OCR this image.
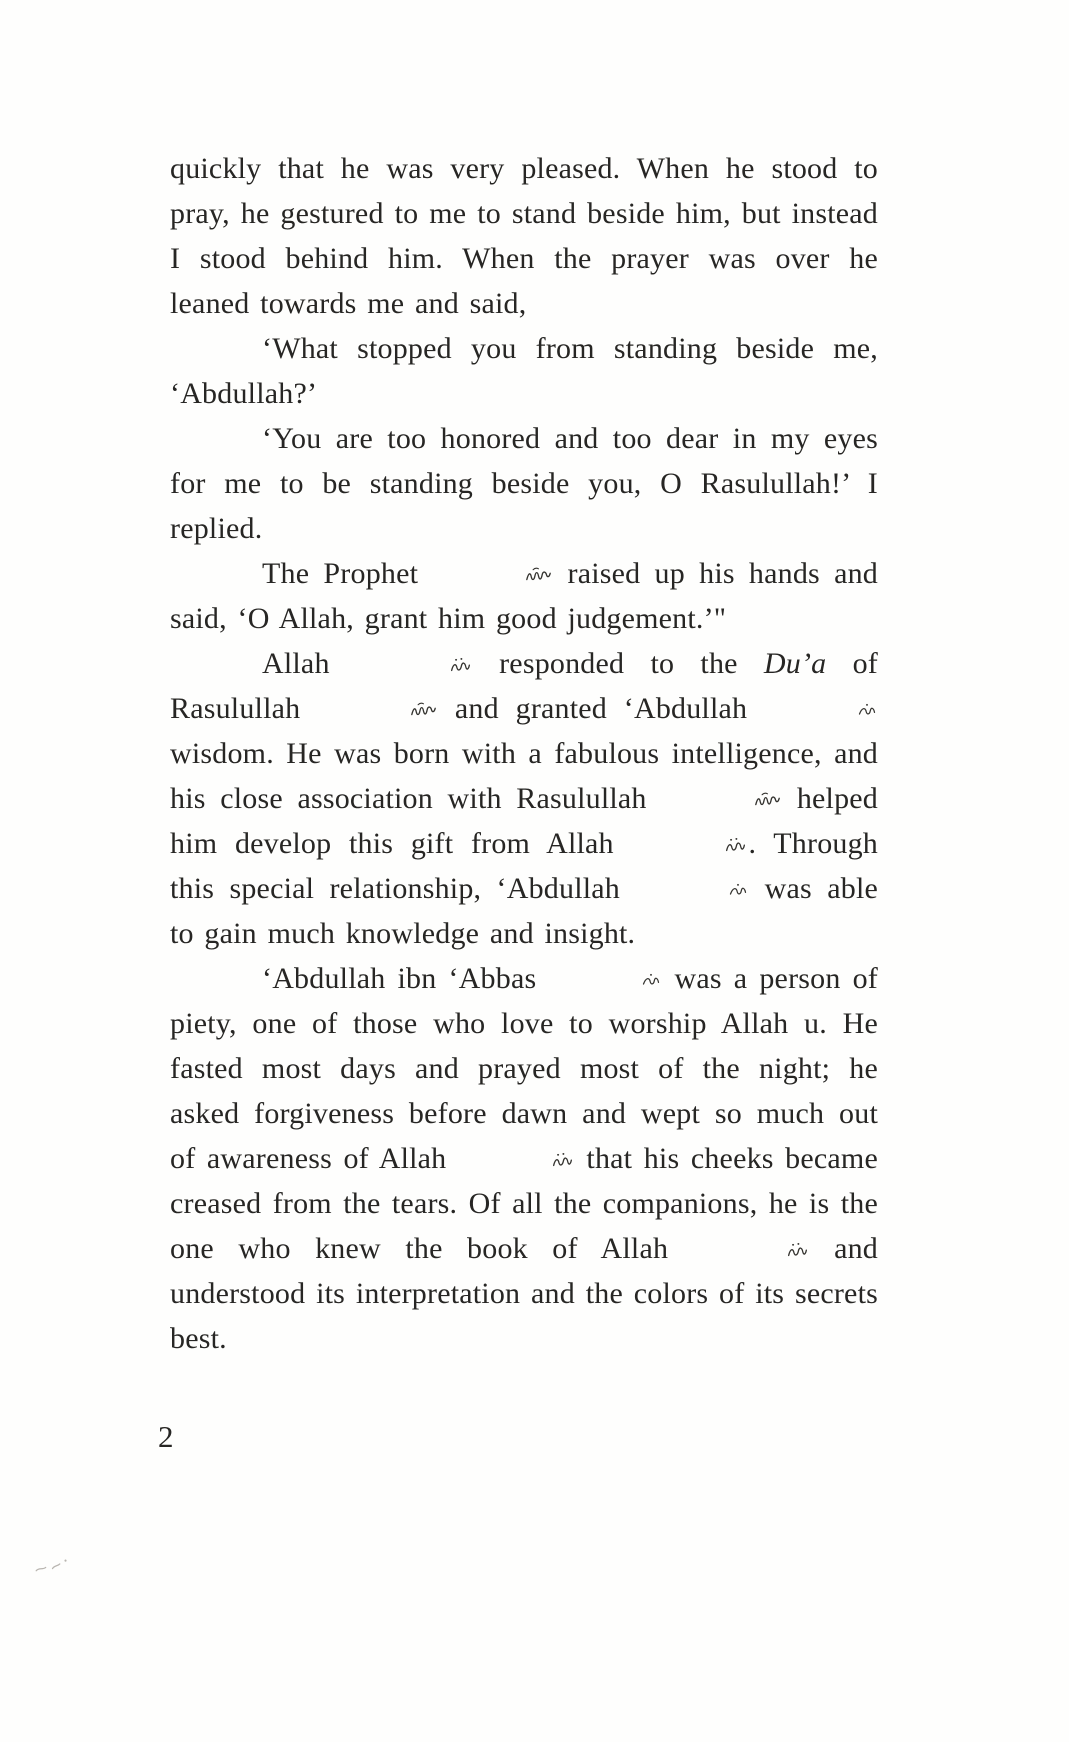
quickly that he was very pleased. When he stood to pray, he gestured to me to stand beside him, but instead I stood behind him. When the prayer was over he leaned towards me and said,

‘What stopped you from standing beside me, ‘Abdullah?’

‘You are too honored and too dear in my eyes for me to be standing beside you, O Rasulullah!’ I replied.

The Prophet	raised up his hands and said, ‘O Allah, grant him good judgement.’"

Allah	responded to the Du’a of Rasulullah	and granted ‘Abdullah  wisdom. He was born with a fabulous intelligence, and his close association with Rasulullah	helped him develop this gift from Allah	. Through this special relationship, ‘Abdullah	was able to gain much knowledge and insight.

‘Abdullah ibn ‘Abbas	was a person of piety, one of those who love to worship Allah u. He fasted most days and prayed most of the night; he asked forgiveness before dawn and wept so much out of awareness of Allah	that his cheeks became creased from the tears. Of all the companions, he is the one who knew the book of Allah	and understood its interpretation and the colors of its secrets best.

2
